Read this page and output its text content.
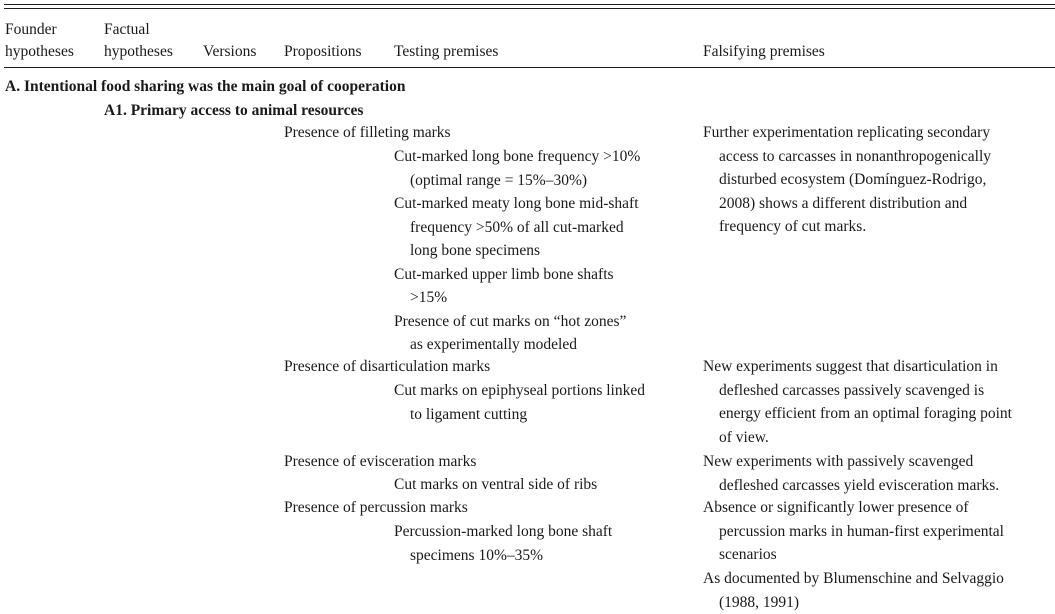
Founder
hypotheses
Factual
hypotheses Versions Propositions Testing premises	Falsifying premises
A. Intentional food sharing was the main goal of cooperation
A1. Primary access to animal resources
Presence of filleting marks
Cut-marked long bone frequency >10%
(optimal range = 15%–30%)
Cut-marked meaty long bone mid-shaft
frequency >50% of all cut-marked
long bone specimens
Cut-marked upper limb bone shafts
>15%
Presence of cut marks on “hot zones”
as experimentally modeled
Further experimentation replicating secondary
access to carcasses in nonanthropogenically
disturbed ecosystem (Domínguez-Rodrigo,
2008) shows a different distribution and
frequency of cut marks.
Presence of disarticulation marks
Cut marks on epiphyseal portions linked
to ligament cutting
New experiments suggest that disarticulation in
defleshed carcasses passively scavenged is
energy efficient from an optimal foraging point
of view.
Presence of evisceration marks
Cut marks on ventral side of ribs
New experiments with passively scavenged
defleshed carcasses yield evisceration marks.
Presence of percussion marks
Percussion-marked long bone shaft
specimens 10%–35%
Absence or significantly lower presence of
percussion marks in human-first experimental
scenarios
As documented by Blumenschine and Selvaggio
(1988, 1991)
